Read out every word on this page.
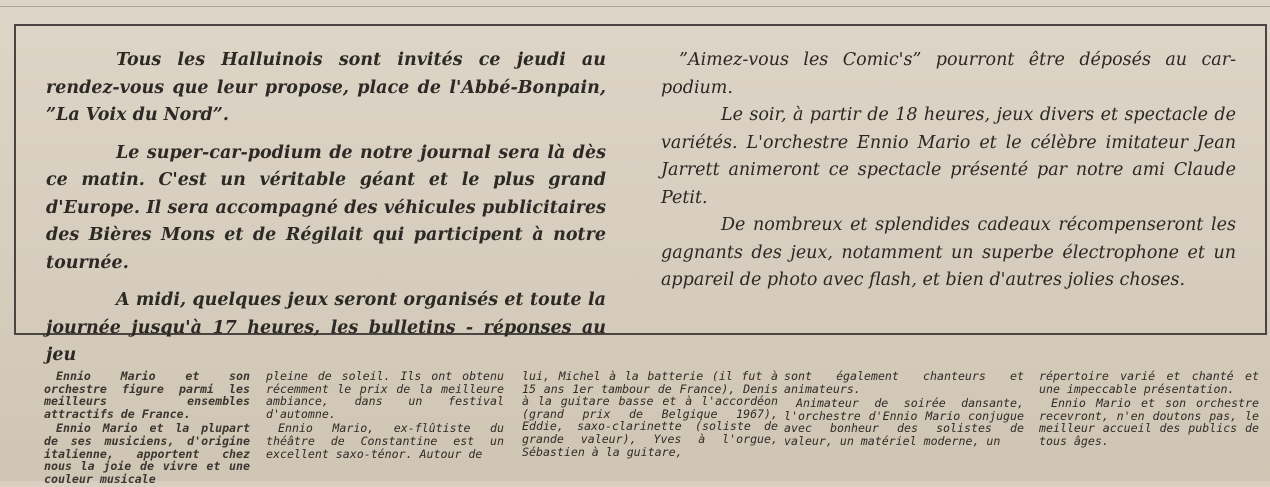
Tous les Halluinois sont invités ce jeudi au rendez-vous que leur propose, place de l'Abbé-Bonpain, ”La Voix du Nord”.

Le super-car-podium de notre journal sera là dès ce matin. C'est un véritable géant et le plus grand d'Europe. Il sera accompagné des véhicules publicitaires des Bières Mons et de Régilait qui participent à notre tournée.

A midi, quelques jeux seront organisés et toute la journée jusqu'à 17 heures, les bulletins - réponses au jeu

”Aimez-vous les Comic's” pourront être déposés au car-podium.

Le soir, à partir de 18 heures, jeux divers et spectacle de variétés. L'orchestre Ennio Mario et le célèbre imitateur Jean Jarrett animeront ce spectacle présenté par notre ami Claude Petit.

De nombreux et splendides cadeaux récompenseront les gagnants des jeux, notamment un superbe électrophone et un appareil de photo avec flash, et bien d'autres jolies choses.

Ennio Mario et son orchestre figure parmi les meilleurs ensembles attractifs de France.

Ennio Mario et la plupart de ses musiciens, d'origine italienne, apportent chez nous la joie de vivre et une couleur musicale

pleine de soleil. Ils ont obtenu récemment le prix de la meilleure ambiance, dans un festival d'automne.

Ennio Mario, ex-flûtiste du théâtre de Constantine est un excellent saxo-ténor. Autour de

lui, Michel à la batterie (il fut à 15 ans 1er tambour de France), Denis à la guitare basse et à l'accordéon (grand prix de Belgique 1967), Eddie, saxo-clarinette (soliste de grande valeur), Yves à l'orgue, Sébastien à la guitare,

sont également chanteurs et animateurs.

Animateur de soirée dansante, l'orchestre d'Ennio Mario conjugue avec bonheur des solistes de valeur, un matériel moderne, un

répertoire varié et chanté et une impeccable présentation.

Ennio Mario et son orchestre recevront, n'en doutons pas, le meilleur accueil des publics de tous âges.
